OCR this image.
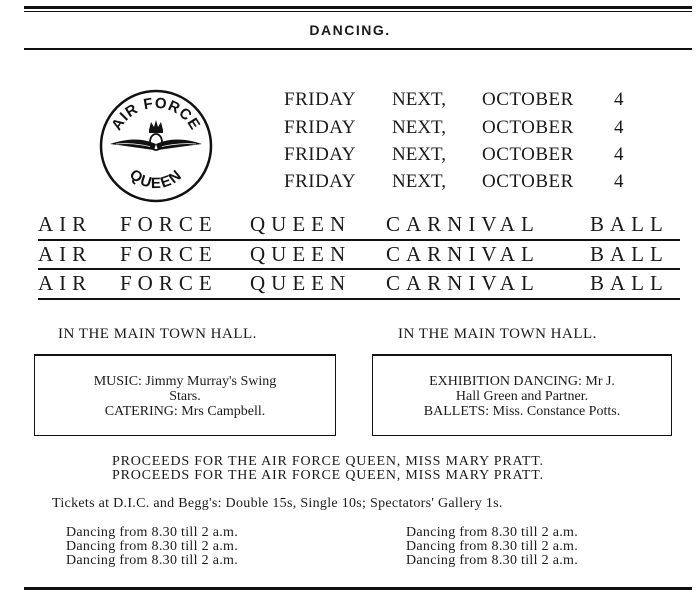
DANCING.
AIR FORCE
QUEEN
FRIDAY NEXT, OCTOBER 4
FRIDAY NEXT, OCTOBER 4
FRIDAY NEXT, OCTOBER 4
FRIDAY NEXT, OCTOBER 4
AIR FORCE QUEEN CARNIVAL BALL
AIR FORCE QUEEN CARNIVAL BALL
AIR FORCE QUEEN CARNIVAL BALL
IN THE MAIN TOWN HALL.	IN THE MAIN TOWN HALL.
MUSIC: Jimmy Murray's Swing
Stars.
CATERING: Mrs Campbell.
EXHIBITION DANCING: Mr J.
Hall Green and Partner.
BALLETS: Miss. Constance Potts.
PROCEEDS FOR THE AIR FORCE QUEEN, MISS MARY PRATT.
PROCEEDS FOR THE AIR FORCE QUEEN, MISS MARY PRATT.
Tickets at D.I.C. and Begg's: Double 15s, Single 10s; Spectators' Gallery 1s.
Dancing from 8.30 till 2 a.m.
Dancing from 8.30 till 2 a.m.
Dancing from 8.30 till 2 a.m.
Dancing from 8.30 till 2 a.m.
Dancing from 8.30 till 2 a.m.
Dancing from 8.30 till 2 a.m.
